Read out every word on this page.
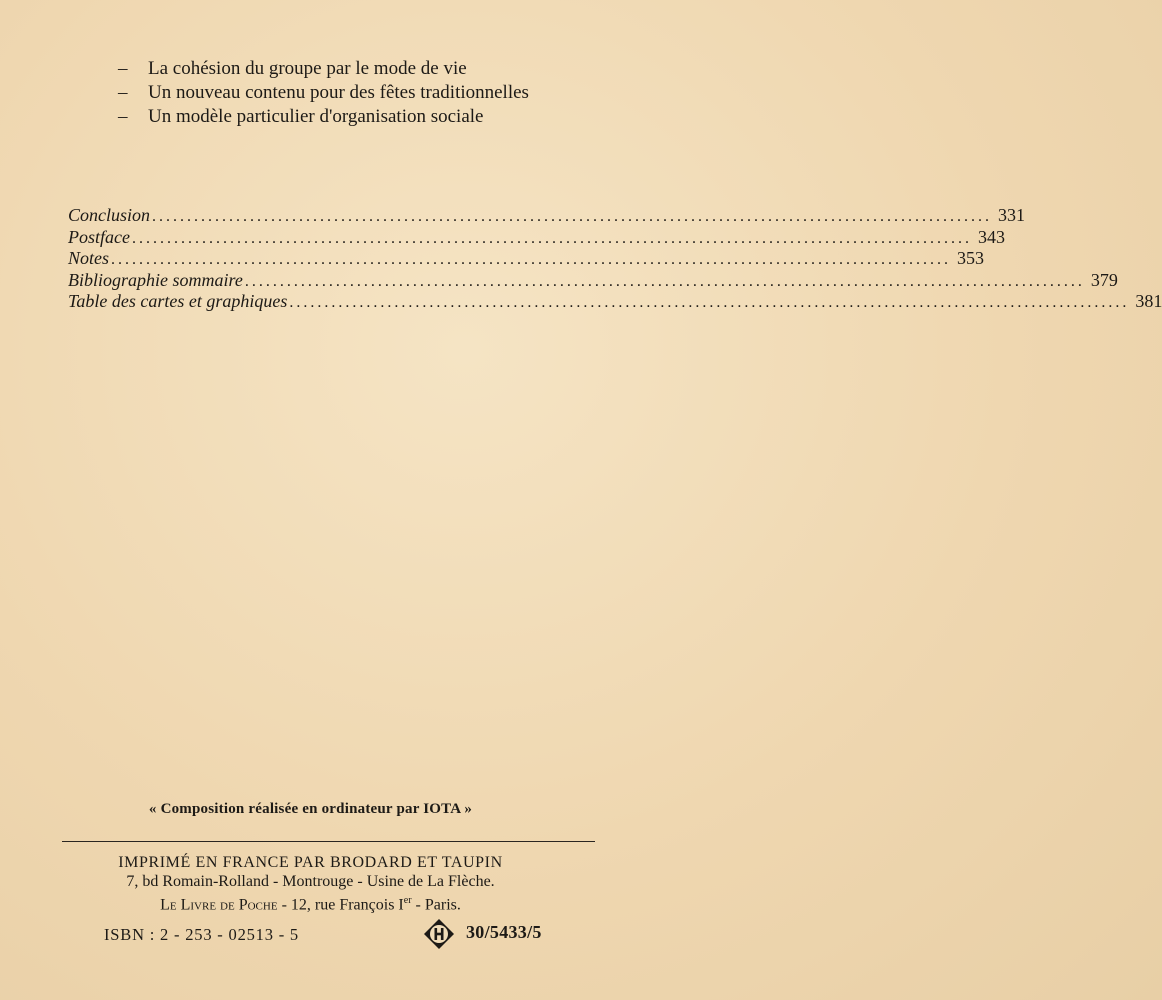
– La cohésion du groupe par le mode de vie
– Un nouveau contenu pour des fêtes traditionnelles
– Un modèle particulier d'organisation sociale
Conclusion ........................................................................................................................ 331
Postface ........................................................................................................................ 343
Notes ........................................................................................................................ 353
Bibliographie sommaire ........................................................................................................................ 379
Table des cartes et graphiques ........................................................................................................................ 381
« Composition réalisée en ordinateur par IOTA »
IMPRIMÉ EN FRANCE PAR BRODARD ET TAUPIN
7, bd Romain-Rolland - Montrouge - Usine de La Flèche.
Le Livre de Poche - 12, rue François Ier - Paris.
ISBN : 2 - 253 - 02513 - 5	30/5433/5
